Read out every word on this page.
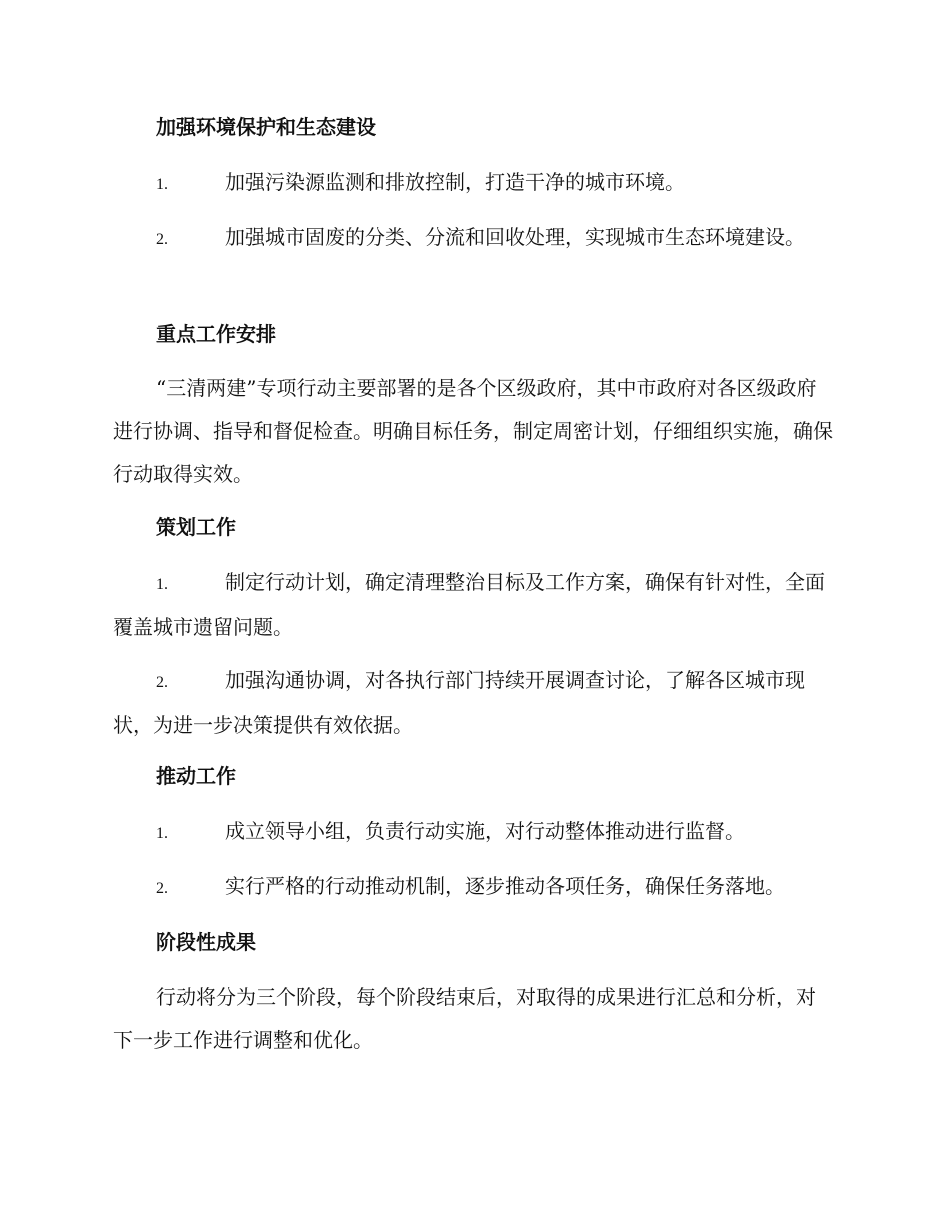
加强环境保护和生态建设

1.	加强污染源监测和排放控制，打造干净的城市环境。

2.	加强城市固废的分类、分流和回收处理，实现城市生态环境建设。

重点工作安排

“三清两建”专项行动主要部署的是各个区级政府，其中市政府对各区级政府进行协调、指导和督促检查。明确目标任务，制定周密计划，仔细组织实施，确保行动取得实效。

策划工作

1.	制定行动计划，确定清理整治目标及工作方案，确保有针对性，全面覆盖城市遗留问题。

2.	加强沟通协调，对各执行部门持续开展调查讨论，了解各区城市现状，为进一步决策提供有效依据。

推动工作

1.	成立领导小组，负责行动实施，对行动整体推动进行监督。

2.	实行严格的行动推动机制，逐步推动各项任务，确保任务落地。

阶段性成果

行动将分为三个阶段，每个阶段结束后，对取得的成果进行汇总和分析，对下一步工作进行调整和优化。
